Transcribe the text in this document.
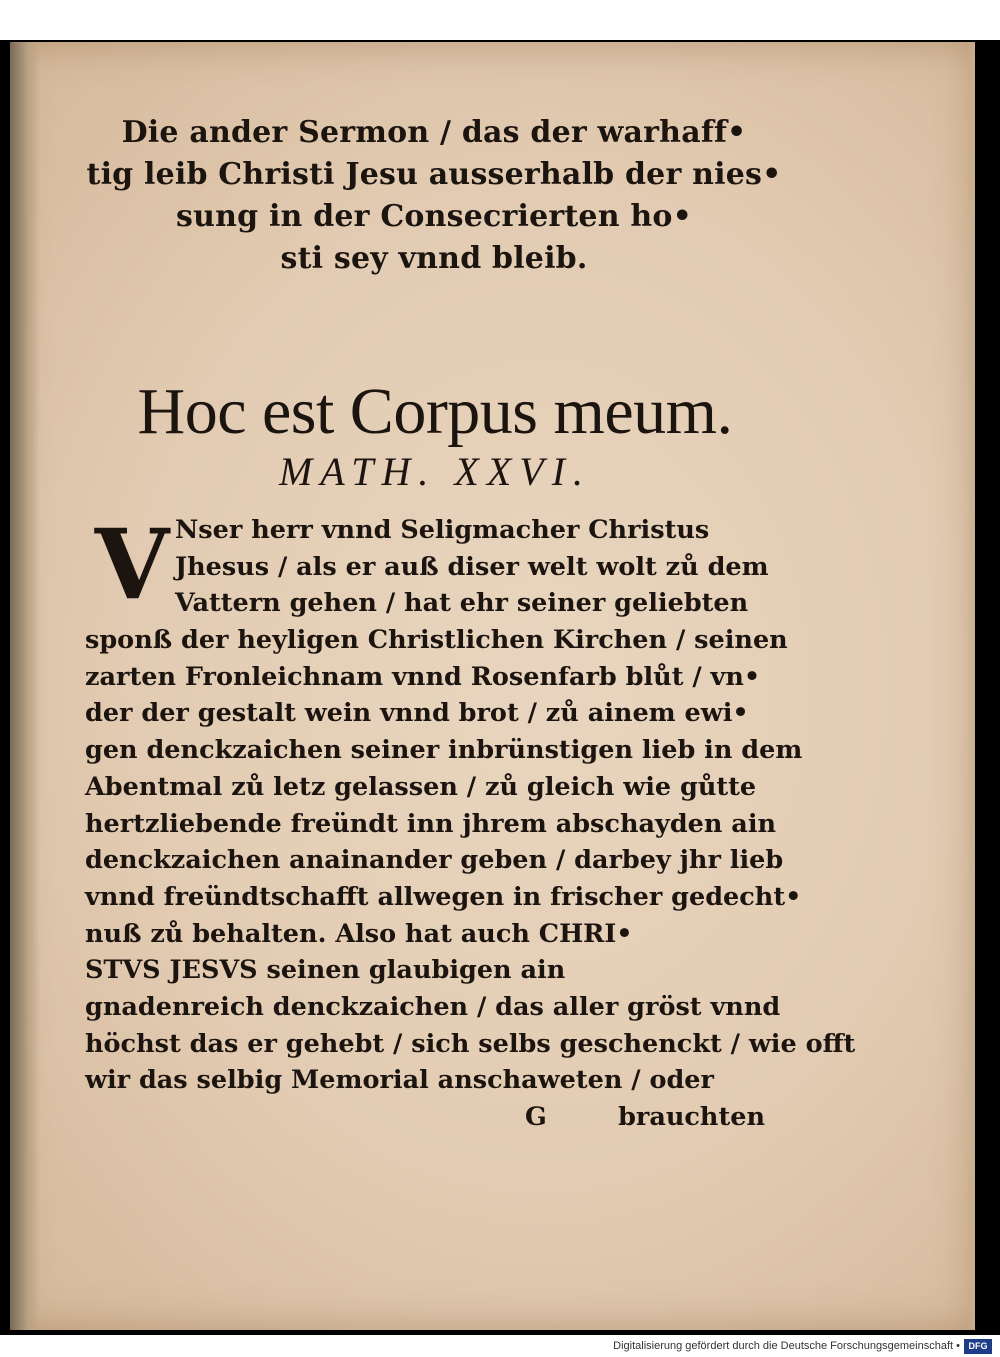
Die ander Sermon / das der warhaff•
tig leib Christi Jesu ausserhalb der nies•
sung in der Consecrierten ho•
sti sey vnnd bleib.
Hoc est Corpus meum.
MATH. XXVI.
V Nser herr vnnd Seligmacher Christus
Jhesus / als er auß diser welt wolt zů dem
Vattern gehen / hat ehr seiner geliebten
sponß der heyligen Christlichen Kirchen / seinen
zarten Fronleichnam vnnd Rosenfarb blůt / vn•
der der gestalt wein vnnd brot / zů ainem ewi•
gen denckzaichen seiner inbrünstigen lieb in dem
Abentmal zů letz gelassen / zů gleich wie gůtte
hertzliebende freündt inn jhrem abschayden ain
denckzaichen anainander geben / darbey jhr lieb
vnnd freündtschafft allwegen in frischer gedecht•
nuß zů behalten. Also hat auch CHRI•
STVS JESVS seinen glaubigen ain
gnadenreich denckzaichen / das aller gröst vnnd
höchst das er gehebt / sich selbs geschenckt / wie offt
wir das selbig Memorial anschaweten / oder
G	brauchten
Digitalisierung gefördert durch die Deutsche Forschungsgemeinschaft • DFG
